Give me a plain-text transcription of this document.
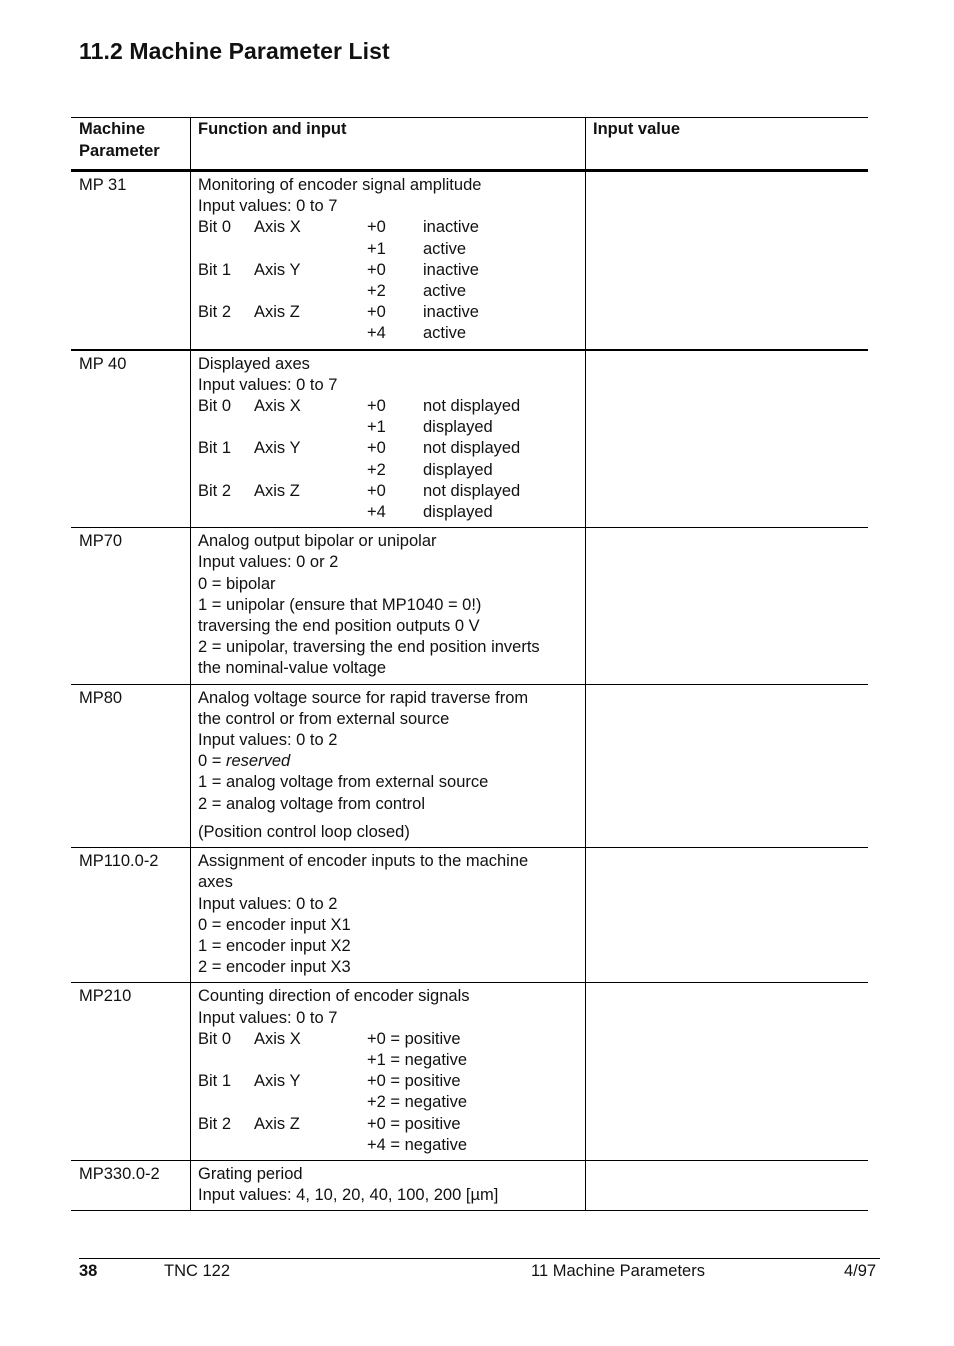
11.2 Machine Parameter List
Machine
Parameter
Function and input	Input value
MP 31	Monitoring of encoder signal amplitude
Input values: 0 to 7
Bit 0	Axis X	+0	inactive
+1	active
Bit 1	Axis Y	+0	inactive
+2	active
Bit 2	Axis Z	+0	inactive
+4	active
MP 40	Displayed axes
Input values: 0 to 7
Bit 0	Axis X	+0	not displayed
+1	displayed
Bit 1	Axis Y	+0	not displayed
+2	displayed
Bit 2	Axis Z	+0	not displayed
+4	displayed
MP70	Analog output bipolar or unipolar
Input values: 0 or 2
0 = bipolar
1 = unipolar (ensure that MP1040 = 0!)
traversing the end position outputs 0 V
2 = unipolar, traversing the end position inverts
the nominal-value voltage
MP80	Analog voltage source for rapid traverse from
the control or from external source
Input values: 0 to 2
0 = reserved
1 = analog voltage from external source
2 = analog voltage from control
(Position control loop closed)
MP110.0-2	Assignment of encoder inputs to the machine
axes
Input values: 0 to 2
0 = encoder input X1
1 = encoder input X2
2 = encoder input X3
MP210	Counting direction of encoder signals
Input values: 0 to 7
Bit 0	Axis X	+0 = positive
+1 = negative
Bit 1	Axis Y	+0 = positive
+2 = negative
Bit 2	Axis Z	+0 = positive
+4 = negative
MP330.0-2	Grating period
Input values: 4, 10, 20, 40, 100, 200 [µm]
38	TNC 122	11 Machine Parameters	4/97
